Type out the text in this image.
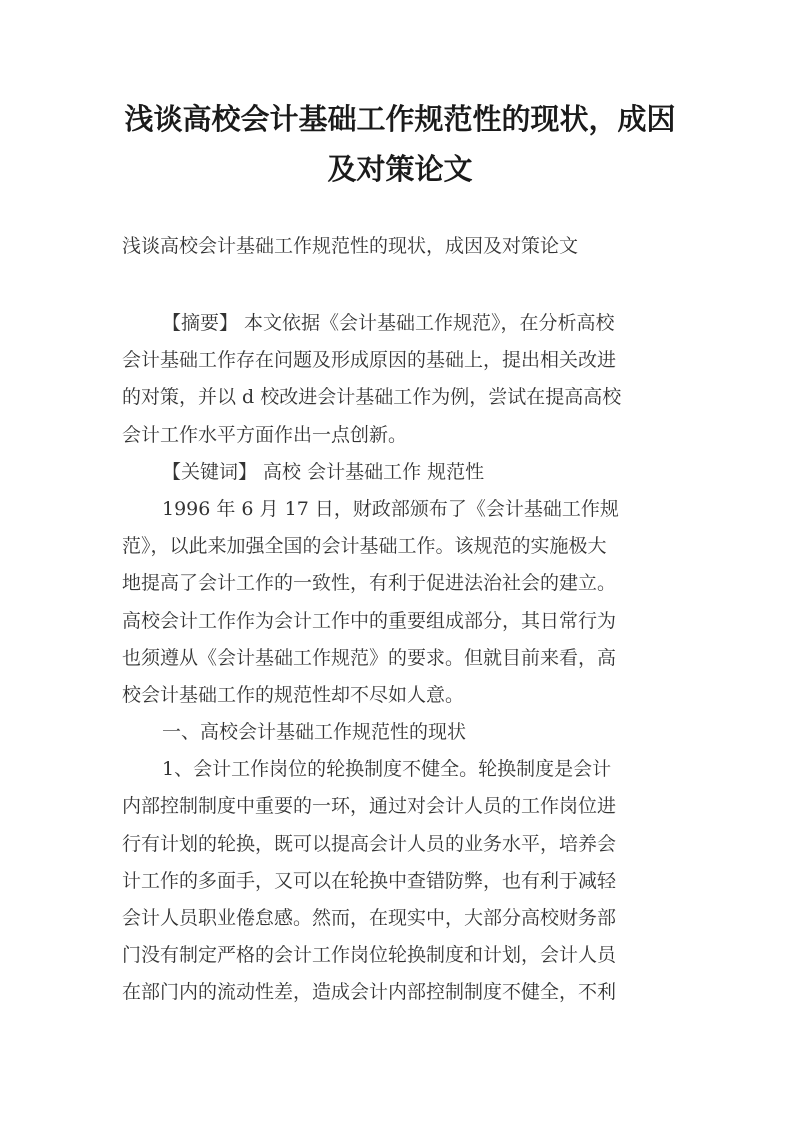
浅谈高校会计基础工作规范性的现状，成因
及对策论文
浅谈高校会计基础工作规范性的现状，成因及对策论文

【摘要】 本文依据《会计基础工作规范》，在分析高校
会计基础工作存在问题及形成原因的基础上，提出相关改进
的对策，并以 d 校改进会计基础工作为例，尝试在提高高校
会计工作水平方面作出一点创新。

【关键词】 高校 会计基础工作 规范性

1996 年 6 月 17 日，财政部颁布了《会计基础工作规
范》，以此来加强全国的会计基础工作。该规范的实施极大
地提高了会计工作的一致性，有利于促进法治社会的建立。
高校会计工作作为会计工作中的重要组成部分，其日常行为
也须遵从《会计基础工作规范》的要求。但就目前来看，高
校会计基础工作的规范性却不尽如人意。

一、高校会计基础工作规范性的现状

1、会计工作岗位的轮换制度不健全。轮换制度是会计
内部控制制度中重要的一环，通过对会计人员的工作岗位进
行有计划的轮换，既可以提高会计人员的业务水平，培养会
计工作的多面手，又可以在轮换中查错防弊，也有利于减轻
会计人员职业倦怠感。然而，在现实中，大部分高校财务部
门没有制定严格的会计工作岗位轮换制度和计划，会计人员
在部门内的流动性差，造成会计内部控制制度不健全，不利
